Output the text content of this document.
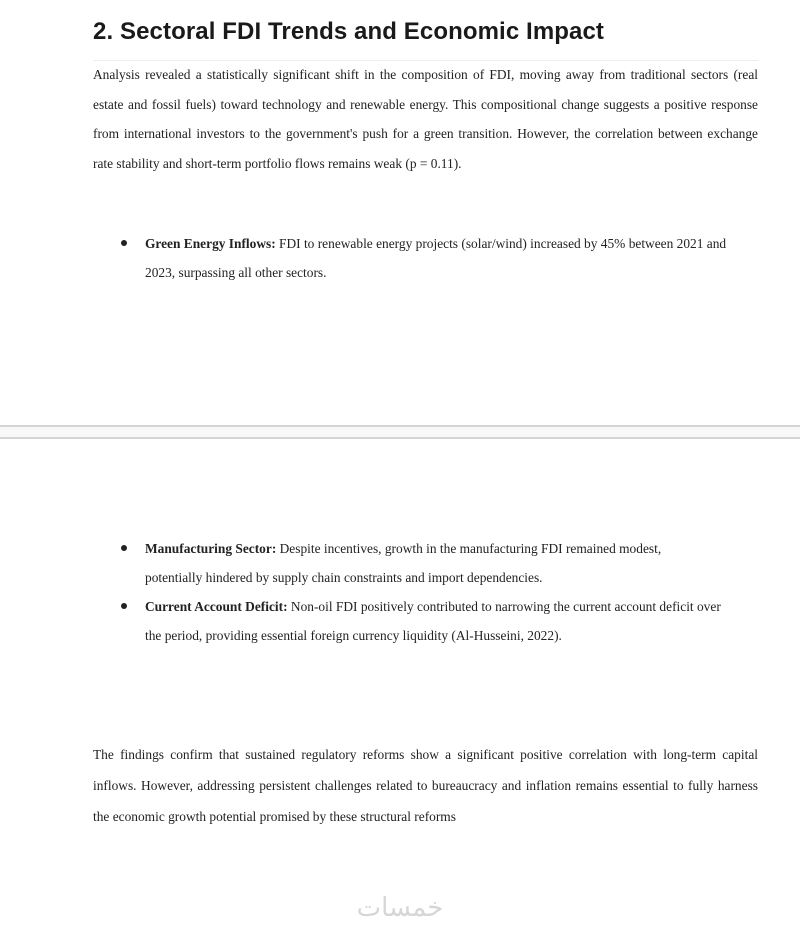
2. Sectoral FDI Trends and Economic Impact

Analysis revealed a statistically significant shift in the composition of FDI, moving away from traditional sectors (real estate and fossil fuels) toward technology and renewable energy. This compositional change suggests a positive response from international investors to the government's push for a green transition. However, the correlation between exchange rate stability and short-term portfolio flows remains weak (p = 0.11).

Green Energy Inflows: FDI to renewable energy projects (solar/wind) increased by 45% between 2021 and 2023, surpassing all other sectors.
Manufacturing Sector: Despite incentives, growth in the manufacturing FDI remained modest, potentially hindered by supply chain constraints and import dependencies.
Current Account Deficit: Non-oil FDI positively contributed to narrowing the current account deficit over the period, providing essential foreign currency liquidity (Al-Husseini, 2022).

The findings confirm that sustained regulatory reforms show a significant positive correlation with long-term capital inflows. However, addressing persistent challenges related to bureaucracy and inflation remains essential to fully harness the economic growth potential promised by these structural reforms

خمسات
